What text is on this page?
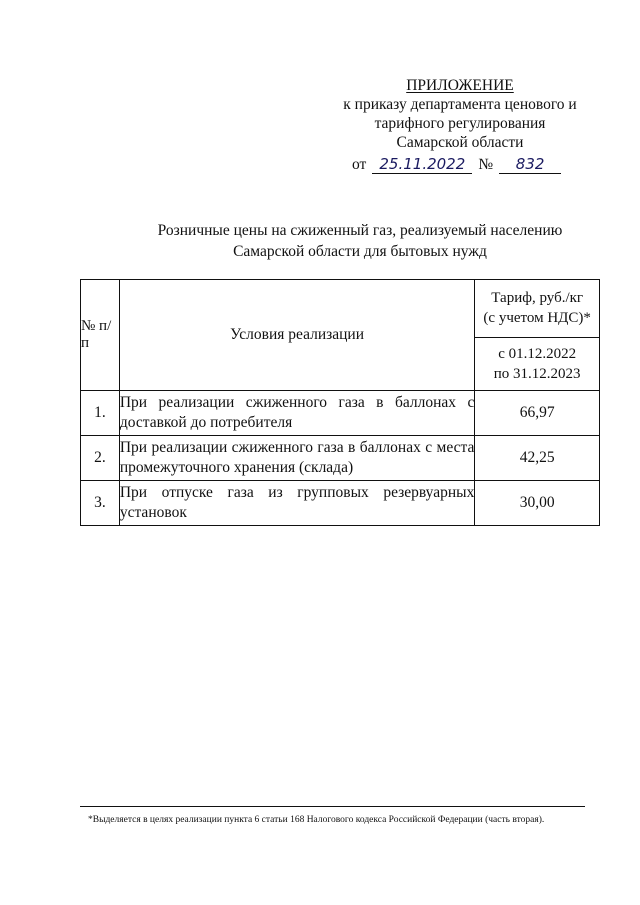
ПРИЛОЖЕНИЕ
к приказу департамента ценового и
тарифного регулирования
Самарской области
от 25.11.2022 №	832
Розничные цены на сжиженный газ, реализуемый населению
Самарской области для бытовых нужд
№ п/п	Условия реализации	Тариф, руб./кг
(с учетом НДС)*

		с 01.12.2022
по 31.12.2023

1.	При реализации сжиженного газа в баллонах с доставкой до потребителя	66,97
2.	При реализации сжиженного газа в баллонах с места промежуточного хранения (склада)	42,25
3.	При отпуске газа из групповых резервуарных установок	30,00
*Выделяется в целях реализации пункта 6 статьи 168 Налогового кодекса Российской Федерации (часть вторая).
